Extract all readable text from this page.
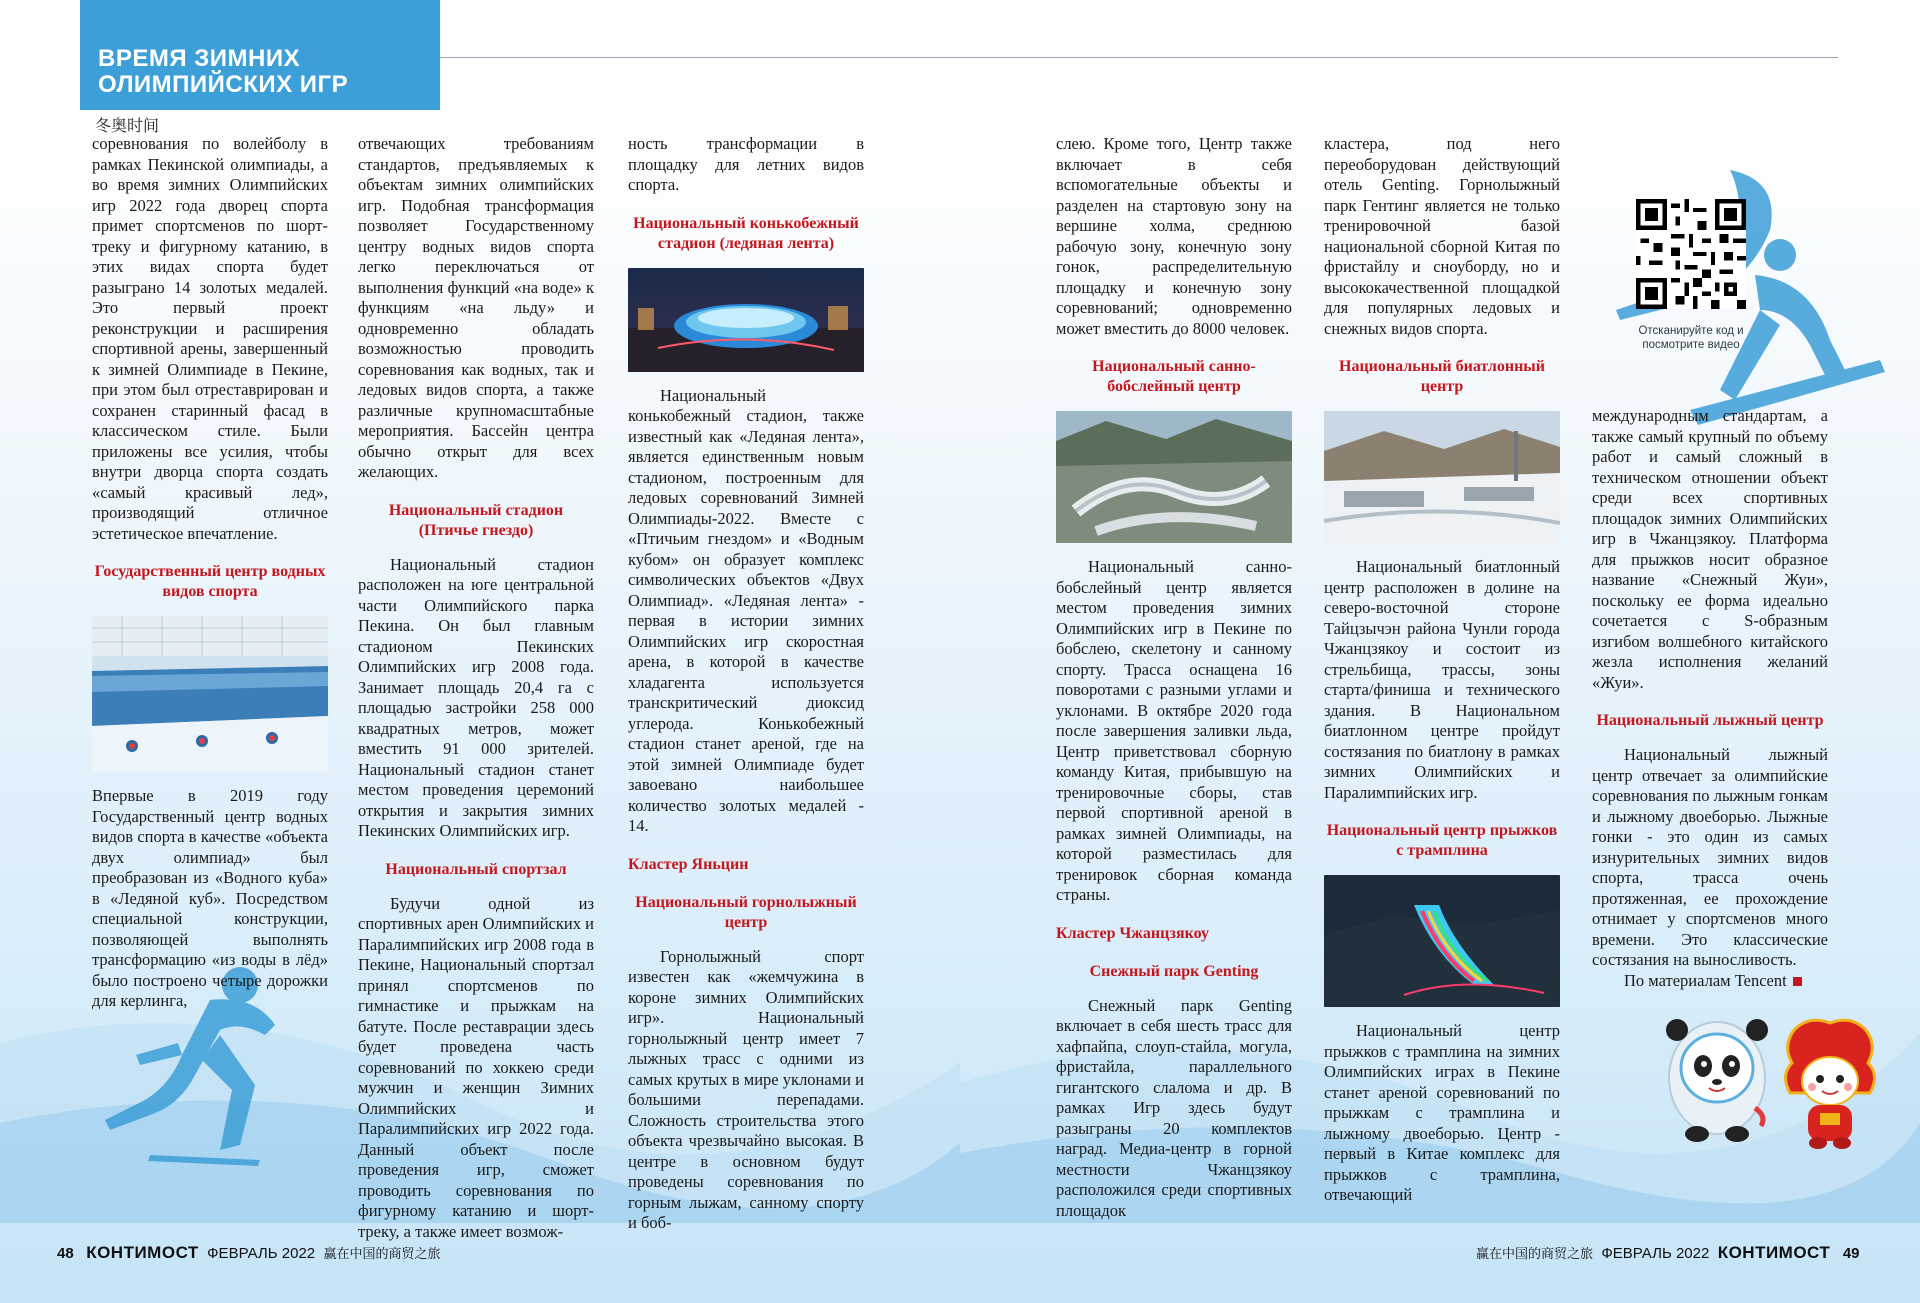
ВРЕМЯ ЗИМНИХ
ОЛИМПИЙСКИХ ИГР
冬奥时间

соревнования по волейболу в рамках Пекинской олимпиады, а во время зимних Олимпийских игр 2022 года дворец спорта примет спортсменов по шорт-треку и фигурному катанию, в этих видах спорта будет разыграно 14 золотых медалей. Это первый проект реконструкции и расширения спортивной арены, завершенный к зимней Олимпиаде в Пекине, при этом был отреставрирован и сохранен старинный фасад в классическом стиле. Были приложены все усилия, чтобы внутри дворца спорта создать «самый красивый лед», производящий отличное эстетическое впечатление.

Государственный центр водных видов спорта

Впервые в 2019 году Государственный центр водных видов спорта в качестве «объекта двух олимпиад» был преобразован из «Водного куба» в «Ледяной куб». Посредством специальной конструкции, позволяющей выполнять трансформацию «из воды в лёд» было построено четыре дорожки для керлинга,

отвечающих требованиям стандартов, предъявляемых к объектам зимних олимпийских игр. Подобная трансформация позволяет Государственному центру водных видов спорта легко переключаться от выполнения функций «на воде» к функциям «на льду» и одновременно обладать возможностью проводить соревнования как водных, так и ледовых видов спорта, а также различные крупномасштабные мероприятия. Бассейн центра обычно открыт для всех желающих.

Национальный стадион (Птичье гнездо)

Национальный стадион расположен на юге центральной части Олимпийского парка Пекина. Он был главным стадионом Пекинских Олимпийских игр 2008 года. Занимает площадь 20,4 га с площадью застройки 258 000 квадратных метров, может вместить 91 000 зрителей. Национальный стадион станет местом проведения церемоний открытия и закрытия зимних Пекинских Олимпийских игр.

Национальный спортзал

Будучи одной из спортивных арен Олимпийских и Паралимпийских игр 2008 года в Пекине, Национальный спортзал принял спортсменов по гимнастике и прыжкам на батуте. После реставрации здесь будет проведена часть соревнований по хоккею среди мужчин и женщин Зимних Олимпийских и Паралимпийских игр 2022 года. Данный объект после проведения игр, сможет проводить соревнования по фигурному катанию и шорт-треку, а также имеет возмож-

ность трансформации в площадку для летних видов спорта.

Национальный конькобежный стадион (ледяная лента)

Национальный конькобежный стадион, также известный как «Ледяная лента», является единственным новым стадионом, построенным для ледовых соревнований Зимней Олимпиады-2022. Вместе с «Птичьим гнездом» и «Водным кубом» он образует комплекс символических объектов «Двух Олимпиад». «Ледяная лента» - первая в истории зимних Олимпийских игр скоростная арена, в которой в качестве хладагента используется транскритический диоксид углерода. Конькобежный стадион станет ареной, где на этой зимней Олимпиаде будет завоевано наибольшее количество золотых медалей - 14.

Кластер Яньцин
Национальный горнолыжный центр

Горнолыжный спорт известен как «жемчужина в короне зимних Олимпийских игр». Национальный горнолыжный центр имеет 7 лыжных трасс с одними из самых крутых в мире уклонами и большими перепадами. Сложность строительства этого объекта чрезвычайно высокая. В центре в основном будут проведены соревнования по горным лыжам, санному спорту и боб-

слею. Кроме того, Центр также включает в себя вспомогательные объекты и разделен на стартовую зону на вершине холма, среднюю рабочую зону, конечную зону гонок, распределительную площадку и конечную зону соревнований; одновременно может вместить до 8000 человек.

Национальный санно-бобслейный центр

Национальный санно-бобслейный центр является местом проведения зимних Олимпийских игр в Пекине по бобслею, скелетону и санному спорту. Трасса оснащена 16 поворотами с разными углами и уклонами. В октябре 2020 года после завершения заливки льда, Центр приветствовал сборную команду Китая, прибывшую на тренировочные сборы, став первой спортивной ареной в рамках зимней Олимпиады, на которой разместилась для тренировок сборная команда страны.

Кластер Чжанцзякоу
Снежный парк Genting

Снежный парк Genting включает в себя шесть трасс для хафпайпа, слоуп-стайла, могула, фристайла, параллельного гигантского слалома и др. В рамках Игр здесь будут разыграны 20 комплектов наград. Медиа-центр в горной местности Чжанцзякоу расположился среди спортивных площадок

кластера, под него переоборудован действующий отель Genting. Горнолыжный парк Гентинг является не только тренировочной базой национальной сборной Китая по фристайлу и сноуборду, но и высококачественной площадкой для популярных ледовых и снежных видов спорта.

Национальный биатлонный центр

Национальный биатлонный центр расположен в долине на северо-восточной стороне Тайцзычэн района Чунли города Чжанцзякоу и состоит из стрельбища, трассы, зоны старта/финиша и технического здания. В Национальном биатлонном центре пройдут состязания по биатлону в рамках зимних Олимпийских и Паралимпийских игр.

Национальный центр прыжков с трамплина

Национальный центр прыжков с трамплина на зимних Олимпийских играх в Пекине станет ареной соревнований по прыжкам с трамплина и лыжному двоеборью. Центр - первый в Китае комплекс для прыжков с трамплина, отвечающий

Отсканируйте код и посмотрите видео

международным стандартам, а также самый крупный по объему работ и самый сложный в техническом отношении объект среди всех спортивных площадок зимних Олимпийских игр в Чжанцзякоу. Платформа для прыжков носит образное название «Снежный Жуи», поскольку ее форма идеально сочетается с S-образным изгибом волшебного китайского жезла исполнения желаний «Жуи».

Национальный лыжный центр

Национальный лыжный центр отвечает за олимпийские соревнования по лыжным гонкам и лыжному двоеборью. Лыжные гонки - это один из самых изнурительных зимних видов спорта, трасса очень протяженная, ее прохождение отнимает у спортсменов много времени. Это классические состязания на выносливость.

По материалам Tencent

48 КОНТИМОСТ ФЕВРАЛЬ 2022 赢在中国的商贸之旅	赢在中国的商贸之旅 ФЕВРАЛЬ 2022 КОНТИМОСТ 49
